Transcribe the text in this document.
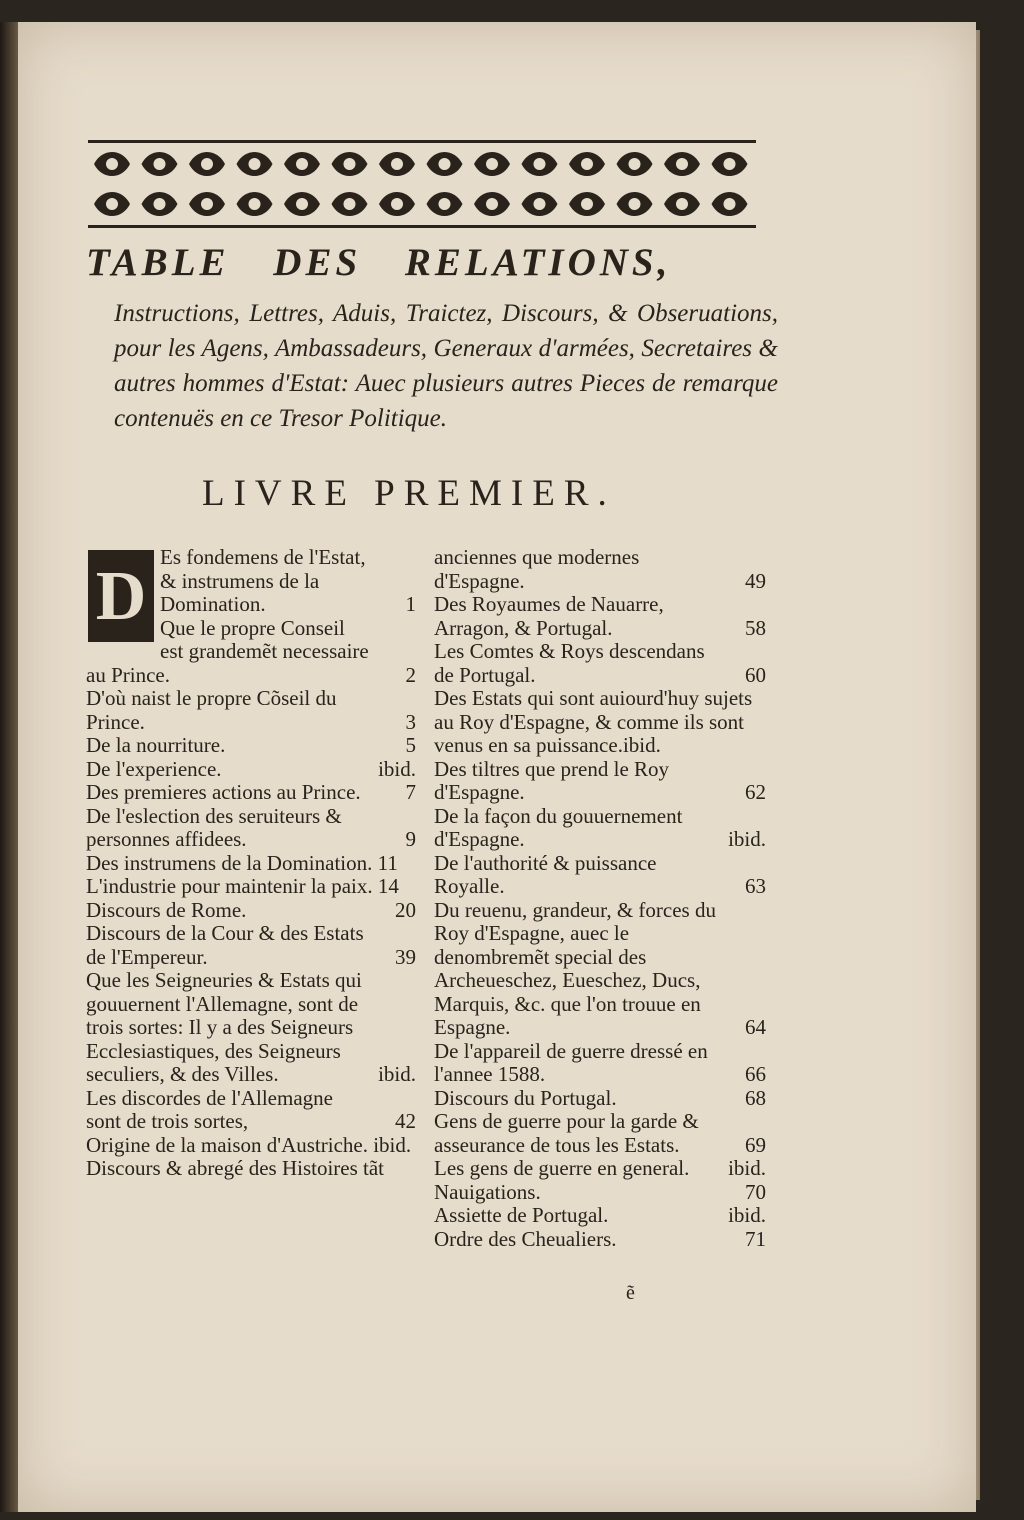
TABLE DES RELATIONS,
Instructions, Lettres, Aduis, Traictez, Discours, & Obseruations, pour les Agens, Ambassadeurs, Generaux d'armées, Secretaires & autres hommes d'Estat: Auec plusieurs autres Pieces de remarque contenuës en ce Tresor Politique.
LIVRE PREMIER.
D
Es fondemens de l'Estat, & instrumens de la Domination.	1
Que le propre Conseil est grandemẽt necessaire au Prince.	2
D'où naist le propre Cõseil du Prince.	3
De la nourriture.	5
De l'experience.	ibid.
Des premieres actions au Prince. 7
De l'eslection des seruiteurs & personnes affidees.	9
Des instrumens de la Domination. 11
L'industrie pour maintenir la paix. 14
Discours de Rome.	20
Discours de la Cour & des Estats de l'Empereur.	39
Que les Seigneuries & Estats qui gouuernent l'Allemagne, sont de trois sortes: Il y a des Seigneurs Ecclesiastiques, des Seigneurs seculiers, & des Villes.	ibid.
Les discordes de l'Allemagne sont de trois sortes,	42
Origine de la maison d'Austriche. ibid.
Discours & abregé des Histoires tãt
anciennes que modernes d'Espagne.	49
Des Royaumes de Nauarre, Arragon, & Portugal.	58
Les Comtes & Roys descendans de Portugal.	60
Des Estats qui sont auiourd'huy sujets au Roy d'Espagne, & comme ils sont venus en sa puissance.ibid.
Des tiltres que prend le Roy d'Espagne.	62
De la façon du gouuernement d'Espagne.	ibid.
De l'authorité & puissance Royalle.	63
Du reuenu, grandeur, & forces du Roy d'Espagne, auec le denombremẽt special des Archeueschez, Eueschez, Ducs, Marquis, &c. que l'on trouue en Espagne.	64
De l'appareil de guerre dressé en l'annee 1588.	66
Discours du Portugal.	68
Gens de guerre pour la garde & asseurance de tous les Estats.	69
Les gens de guerre en general. ibid.
Nauigations.	70
Assiette de Portugal.	ibid.
Ordre des Cheualiers.	71
ẽ
